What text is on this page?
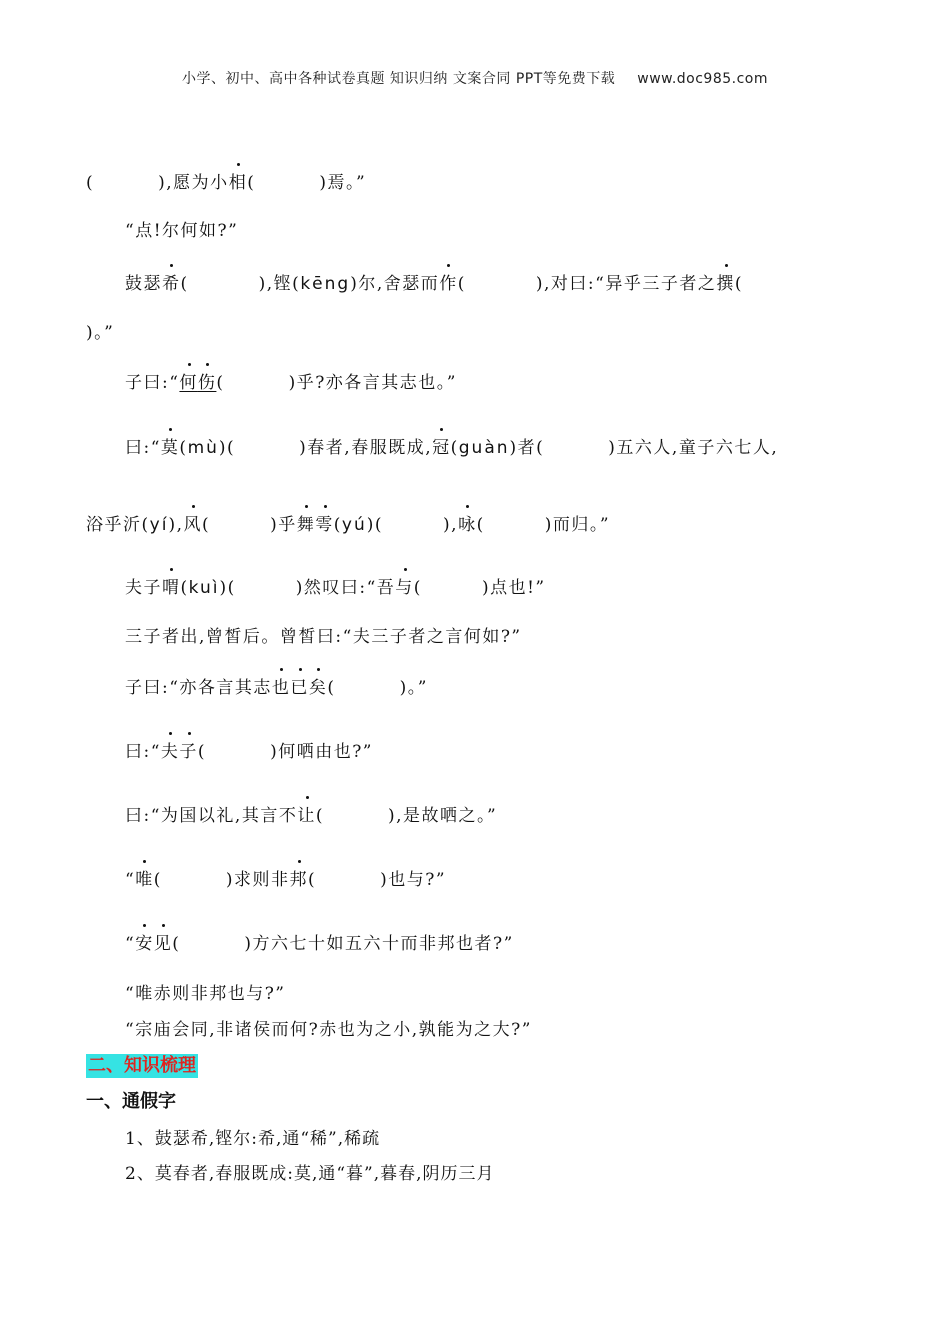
小学、初中、高中各种试卷真题 知识归纳 文案合同 PPT等免费下载 www.doc985.com
(	),愿为小相(	)焉。”
“点!尔何如?”
鼓瑟希(	),铿(kēng)尔,舍瑟而作(	),对曰:“异乎三子者之撰(
)。”
子曰:“何伤(	)乎?亦各言其志也。”
曰:“莫(mù)(	)春者,春服既成,冠(guàn)者(	)五六人,童子六七人,
浴乎沂(yí),风(	)乎舞雩(yú)(	),咏(	)而归。”
夫子喟(kuì)(	)然叹曰:“吾与(	)点也!”
三子者出,曾皙后。曾皙曰:“夫三子者之言何如?”
子曰:“亦各言其志也已矣(	)。”
曰:“夫子(	)何哂由也?”
曰:“为国以礼,其言不让(	),是故哂之。”
“唯(	)求则非邦(	)也与?”
“安见(	)方六七十如五六十而非邦也者?”
“唯赤则非邦也与?”
“宗庙会同,非诸侯而何?赤也为之小,孰能为之大?”
二、知识梳理
一、通假字
1、鼓瑟希,铿尔:希,通“稀”,稀疏
2、莫春者,春服既成:莫,通“暮”,暮春,阴历三月
